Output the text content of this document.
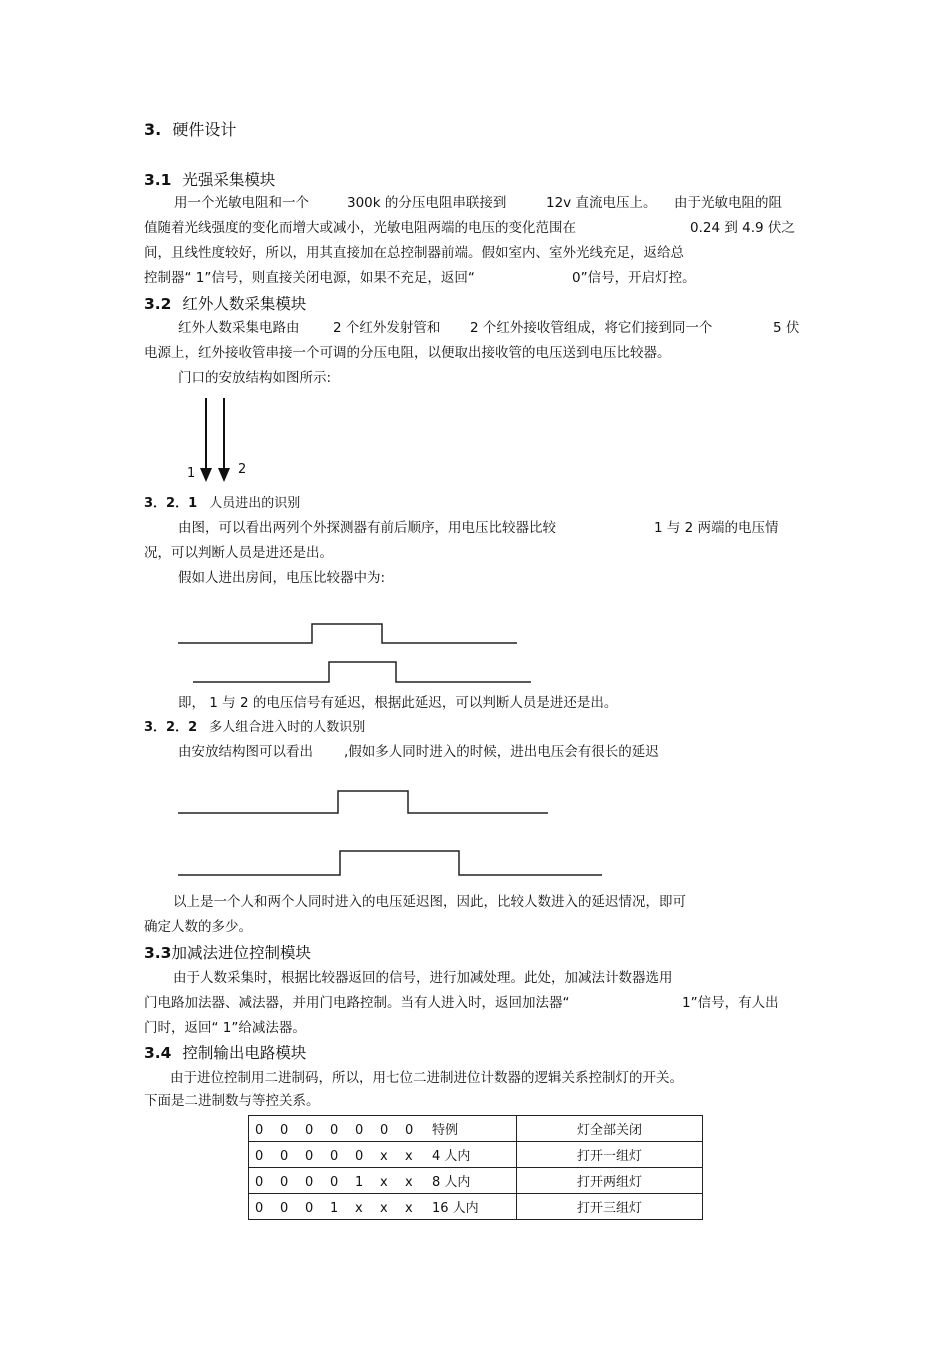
3. 硬件设计
3.1 光强采集模块
用一个光敏电阻和一个	300k 的分压电阻串联接到	12v 直流电压上。 由于光敏电阻的阻
值随着光线强度的变化而增大或减小，光敏电阻两端的电压的变化范围在	0.24 到 4.9 伏之
间，且线性度较好，所以，用其直接加在总控制器前端。假如室内、室外光线充足，返给总
控制器“ 1”信号，则直接关闭电源，如果不充足，返回“	0”信号，开启灯控。
3.2 红外人数采集模块
红外人数采集电路由 2 个红外发射管和 2 个红外接收管组成，将它们接到同一个	5 伏
电源上，红外接收管串接一个可调的分压电阻，以便取出接收管的电压送到电压比较器。
门口的安放结构如图所示:
1	2
3．2．1 人员进出的识别
由图，可以看出两列个外探测器有前后顺序，用电压比较器比较	1 与 2 两端的电压情
况，可以判断人员是进还是出。
假如人进出房间，电压比较器中为:
即， 1 与 2 的电压信号有延迟，根据此延迟，可以判断人员是进还是出。
3．2．2 多人组合进入时的人数识别
由安放结构图可以看出 ,假如多人同时进入的时候，进出电压会有很长的延迟
以上是一个人和两个人同时进入的电压延迟图，因此，比较人数进入的延迟情况，即可
确定人数的多少。
3.3加减法进位控制模块
由于人数采集时，根据比较器返回的信号，进行加减处理。此处，加减法计数器选用
门电路加法器、减法器，并用门电路控制。当有人进入时，返回加法器“	1”信号，有人出
门时，返回“ 1”给减法器。
3.4 控制输出电路模块
由于进位控制用二进制码，所以，用七位二进制进位计数器的逻辑关系控制灯的开关。
下面是二进制数与等控关系。
0 0 0 0 0 0 0 特例	灯全部关闭
0 0 0 0 0 x x 4 人内	打开一组灯
0 0 0 0 1 x x 8 人内	打开两组灯
0 0 0 1 x x x 16 人内	打开三组灯
